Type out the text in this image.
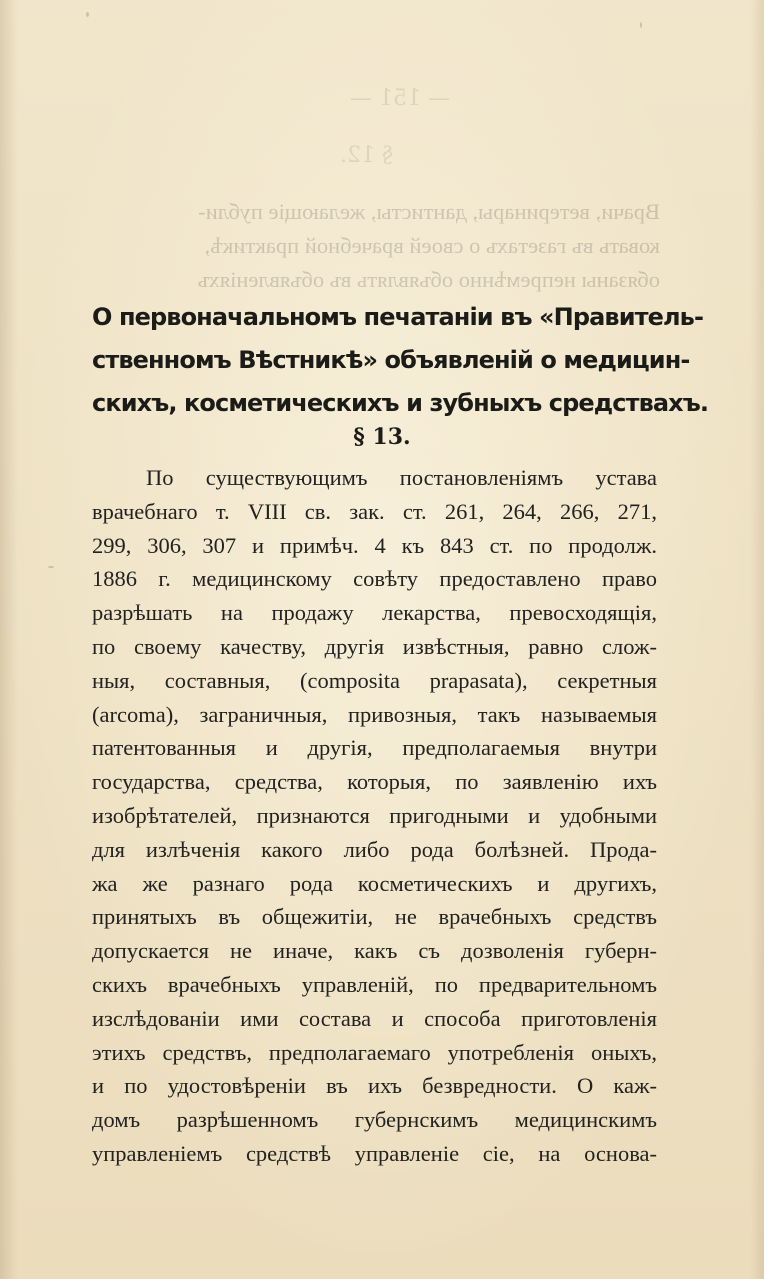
— 151 —
§ 12.
Врачи, ветеринары, дантисты, желающіе публи-
ковать въ газетахъ о своей врачебной практикѣ,
обязаны непремѣнно объявлять въ объявленіяхъ
О первоначальномъ печатаніи въ «Правитель-
ственномъ Вѣстникѣ» объявленій о медицин-
скихъ, косметическихъ и зубныхъ средствахъ.
§ 13.
По существующимъ постановленіямъ устава
врачебнаго т. VIII св. зак. ст. 261, 264, 266, 271,
299, 306, 307 и примѣч. 4 къ 843 ст. по продолж.
1886 г. медицинскому совѣту предоставлено право
разрѣшать на продажу лекарства, превосходящія,
по своему качеству, другія извѣстныя, равно слож-
ныя, составныя, (composita prapasata), секретныя
(arcoma), заграничныя, привозныя, такъ называемыя
патентованныя и другія, предполагаемыя внутри
государства, средства, которыя, по заявленію ихъ
изобрѣтателей, признаются пригодными и удобными
для излѣченія какого либо рода болѣзней. Прода-
жа же разнаго рода косметическихъ и другихъ,
принятыхъ въ общежитіи, не врачебныхъ средствъ
допускается не иначе, какъ съ дозволенія губерн-
скихъ врачебныхъ управленій, по предварительномъ
изслѣдованіи ими состава и способа приготовленія
этихъ средствъ, предполагаемаго употребленія оныхъ,
и по удостовѣреніи въ ихъ безвредности. О каж-
домъ разрѣшенномъ губернскимъ медицинскимъ
управленіемъ средствѣ управленіе сіе, на основа-
